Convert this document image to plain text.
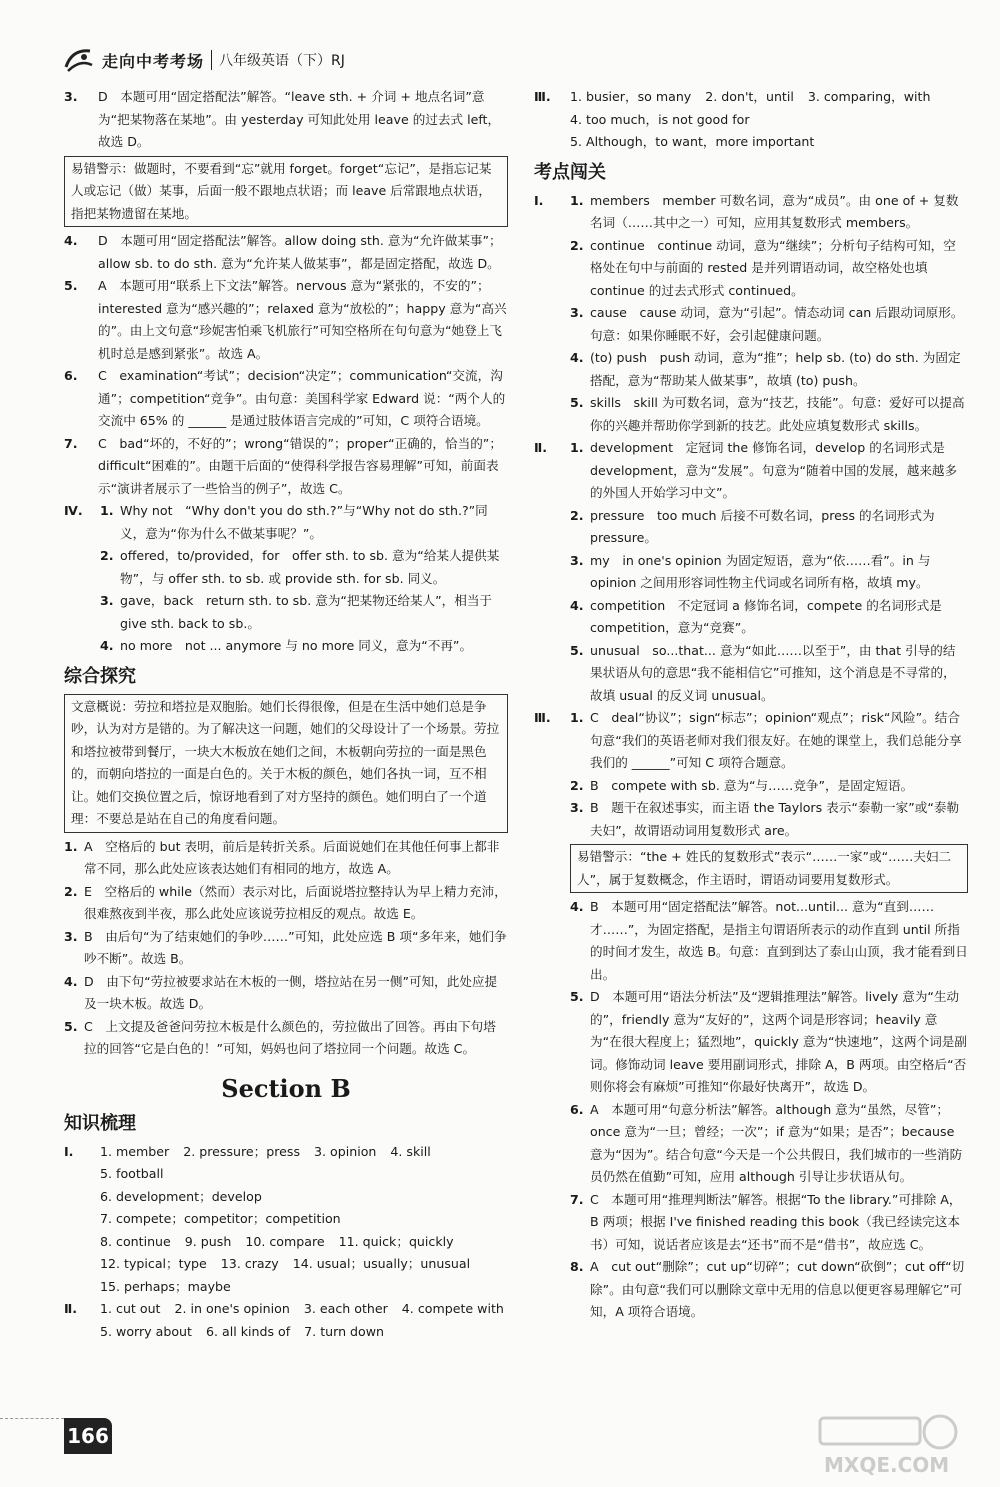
走向中考考场 八年级英语（下）RJ
3. D　本题可用“固定搭配法”解答。“leave sth. + 介词 + 地点名词”意为“把某物落在某地”。由 yesterday 可知此处用 leave 的过去式 left，故选 D。
易错警示：做题时，不要看到“忘”就用 forget。forget“忘记”，是指忘记某人或忘记（做）某事，后面一般不跟地点状语；而 leave 后常跟地点状语，指把某物遗留在某地。
4. D　本题可用“固定搭配法”解答。allow doing sth. 意为“允许做某事”；allow sb. to do sth. 意为“允许某人做某事”，都是固定搭配，故选 D。
5. A　本题可用“联系上下文法”解答。nervous 意为“紧张的，不安的”；interested 意为“感兴趣的”；relaxed 意为“放松的”；happy 意为“高兴的”。由上文句意“珍妮害怕乘飞机旅行”可知空格所在句句意为“她登上飞机时总是感到紧张”。故选 A。
6. C　examination“考试”；decision“决定”；communication“交流，沟通”；competition“竞争”。由句意：美国科学家 Edward 说：“两个人的交流中 65% 的 ______ 是通过肢体语言完成的”可知，C 项符合语境。
7. C　bad“坏的，不好的”；wrong“错误的”；proper“正确的，恰当的”；difficult“困难的”。由题干后面的“使得科学报告容易理解”可知，前面表示“演讲者展示了一些恰当的例子”，故选 C。
Ⅳ. 1. Why not　“Why don't you do sth.?”与“Why not do sth.?”同义，意为“你为什么不做某事呢？”。
2. offered，to/provided，for　offer sth. to sb. 意为“给某人提供某物”，与 offer sth. to sb. 或 provide sth. for sb. 同义。
3. gave，back　return sth. to sb. 意为“把某物还给某人”，相当于 give sth. back to sb.。
4. no more　not ... anymore 与 no more 同义，意为“不再”。
综合探究
文意概说：劳拉和塔拉是双胞胎。她们长得很像，但是在生活中她们总是争吵，认为对方是错的。为了解决这一问题，她们的父母设计了一个场景。劳拉和塔拉被带到餐厅，一块大木板放在她们之间，木板朝向劳拉的一面是黑色的，而朝向塔拉的一面是白色的。关于木板的颜色，她们各执一词，互不相让。她们交换位置之后，惊讶地看到了对方坚持的颜色。她们明白了一个道理：不要总是站在自己的角度看问题。
1. A　空格后的 but 表明，前后是转折关系。后面说她们在其他任何事上都非常不同，那么此处应该表达她们有相同的地方，故选 A。
2. E　空格后的 while（然而）表示对比，后面说塔拉整持认为早上精力充沛，很难熬夜到半夜，那么此处应该说劳拉相反的观点。故选 E。
3. B　由后句“为了结束她们的争吵……”可知，此处应选 B 项“多年来，她们争吵不断”。故选 B。
4. D　由下句“劳拉被要求站在木板的一侧，塔拉站在另一侧”可知，此处应提及一块木板。故选 D。
5. C　上文提及爸爸问劳拉木板是什么颜色的，劳拉做出了回答。再由下句塔拉的回答“它是白色的！”可知，妈妈也问了塔拉同一个问题。故选 C。
Section B
知识梳理
Ⅰ. 1. member 2. pressure；press 3. opinion 4. skill
5. football
6. development；develop
7. compete；competitor；competition
8. continue 9. push 10. compare 11. quick；quickly
12. typical；type 13. crazy 14. usual；usually；unusual
15. perhaps；maybe
Ⅱ. 1. cut out 2. in one's opinion 3. each other 4. compete with
5. worry about 6. all kinds of 7. turn down
Ⅲ. 1. busier，so many 2. don't，until 3. comparing，with
4. too much，is not good for
5. Although，to want，more important
考点闯关
Ⅰ. 1. members　member 可数名词，意为“成员”。由 one of + 复数名词（……其中之一）可知，应用其复数形式 members。
2. continue　continue 动词，意为“继续”；分析句子结构可知，空格处在句中与前面的 rested 是并列谓语动词，故空格处也填 continue 的过去式形式 continued。
3. cause　cause 动词，意为“引起”。情态动词 can 后跟动词原形。句意：如果你睡眠不好，会引起健康问题。
4. (to) push　push 动词，意为“推”；help sb. (to) do sth. 为固定搭配，意为“帮助某人做某事”，故填 (to) push。
5. skills　skill 为可数名词，意为“技艺，技能”。句意：爱好可以提高你的兴趣并帮助你学到新的技艺。此处应填复数形式 skills。
Ⅱ. 1. development　定冠词 the 修饰名词，develop 的名词形式是 development，意为“发展”。句意为“随着中国的发展，越来越多的外国人开始学习中文”。
2. pressure　too much 后接不可数名词，press 的名词形式为 pressure。
3. my　in one's opinion 为固定短语，意为“依……看”。in 与 opinion 之间用形容词性物主代词或名词所有格，故填 my。
4. competition　不定冠词 a 修饰名词，compete 的名词形式是 competition，意为“竞赛”。
5. unusual　so...that... 意为“如此……以至于”，由 that 引导的结果状语从句的意思“我不能相信它”可推知，这个消息是不寻常的，故填 usual 的反义词 unusual。
Ⅲ. 1. C　deal“协议”；sign“标志”；opinion“观点”；risk“风险”。结合句意“我们的英语老师对我们很友好。在她的课堂上，我们总能分享我们的 ______”可知 C 项符合题意。
2. B　compete with sb. 意为“与……竞争”，是固定短语。
3. B　题干在叙述事实，而主语 the Taylors 表示“泰勒一家”或“泰勒夫妇”，故谓语动词用复数形式 are。
易错警示：“the + 姓氏的复数形式”表示“……一家”或“……夫妇二人”，属于复数概念，作主语时，谓语动词要用复数形式。
4. B　本题可用“固定搭配法”解答。not...until... 意为“直到……才……”，为固定搭配，是指主句谓语所表示的动作直到 until 所指的时间才发生，故选 B。句意：直到到达了泰山山顶，我才能看到日出。
5. D　本题可用“语法分析法”及“逻辑推理法”解答。lively 意为“生动的”，friendly 意为“友好的”，这两个词是形容词；heavily 意为“在很大程度上；猛烈地”，quickly 意为“快速地”，这两个词是副词。修饰动词 leave 要用副词形式，排除 A，B 两项。由空格后“否则你将会有麻烦”可推知“你最好快离开”，故选 D。
6. A　本题可用“句意分析法”解答。although 意为“虽然，尽管”；once 意为“一旦；曾经；一次”；if 意为“如果；是否”；because 意为“因为”。结合句意“今天是一个公共假日，我们城市的一些消防员仍然在值勤”可知，应用 although 引导让步状语从句。
7. C　本题可用“推理判断法”解答。根据“To the library.”可排除 A，B 两项；根据 I've finished reading this book（我已经读完这本书）可知，说话者应该是去“还书”而不是“借书”，故应选 C。
8. A　cut out“删除”；cut up“切碎”；cut down“砍倒”；cut off“切除”。由句意“我们可以删除文章中无用的信息以便更容易理解它”可知，A 项符合语境。
166
MXQE.COM
